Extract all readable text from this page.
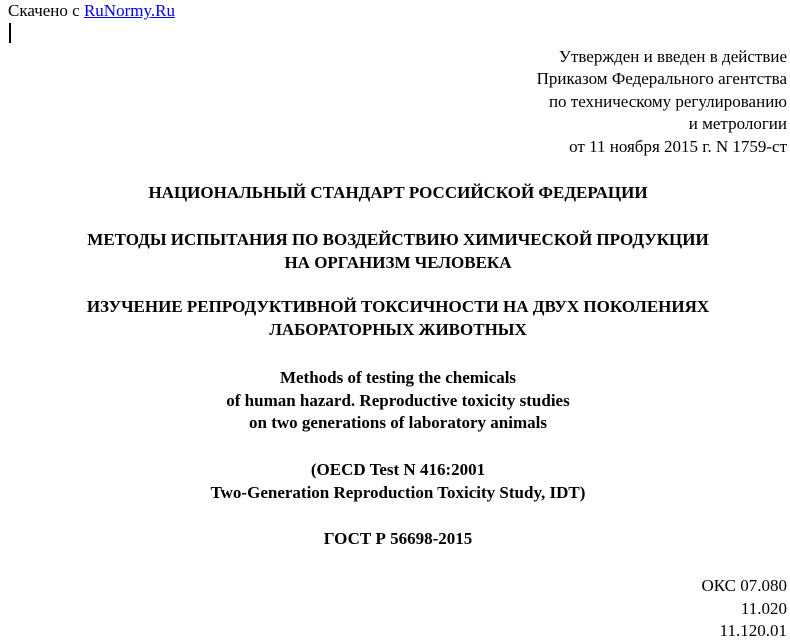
Скачено с RuNormy.Ru
Утвержден и введен в действие
Приказом Федерального агентства
по техническому регулированию
и метрологии
от 11 ноября 2015 г. N 1759-ст
НАЦИОНАЛЬНЫЙ СТАНДАРТ РОССИЙСКОЙ ФЕДЕРАЦИИ
МЕТОДЫ ИСПЫТАНИЯ ПО ВОЗДЕЙСТВИЮ ХИМИЧЕСКОЙ ПРОДУКЦИИ
НА ОРГАНИЗМ ЧЕЛОВЕКА
ИЗУЧЕНИЕ РЕПРОДУКТИВНОЙ ТОКСИЧНОСТИ НА ДВУХ ПОКОЛЕНИЯХ
ЛАБОРАТОРНЫХ ЖИВОТНЫХ
Methods of testing the chemicals
of human hazard. Reproductive toxicity studies
on two generations of laboratory animals
(OECD Test N 416:2001
Two-Generation Reproduction Toxicity Study, IDT)
ГОСТ Р 56698-2015
ОКС 07.080
11.020
11.120.01
